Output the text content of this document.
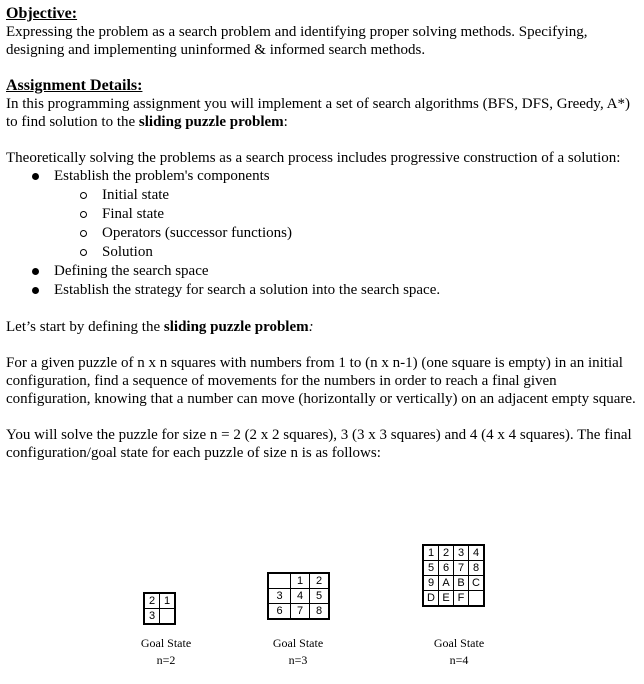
Objective:

Expressing the problem as a search problem and identifying proper solving methods. Specifying, designing and implementing uninformed & informed search methods.

Assignment Details:

In this programming assignment you will implement a set of search algorithms (BFS, DFS, Greedy, A*) to find solution to the sliding puzzle problem:

Theoretically solving the problems as a search process includes progressive construction of a solution:

Establish the problem's components
Initial state
Final state
Operators (successor functions)
Solution
Defining the search space
Establish the strategy for search a solution into the search space.

Let’s start by defining the sliding puzzle problem:

For a given puzzle of n x n squares with numbers from 1 to (n x n-1) (one square is empty) in an initial configuration, find a sequence of movements for the numbers in order to reach a final given configuration, knowing that a number can move (horizontally or vertically) on an adjacent empty square.

You will solve the puzzle for size n = 2 (2 x 2 squares), 3 (3 x 3 squares) and 4 (4 x 4 squares). The final configuration/goal state for each puzzle of size n is as follows:

2	1
3	
Goal State
n=2
	1	2
3	4	5
6	7	8
Goal State
n=3
1	2	3	4
5	6	7	8
9	A	B	C
D	E	F	
Goal State
n=4
